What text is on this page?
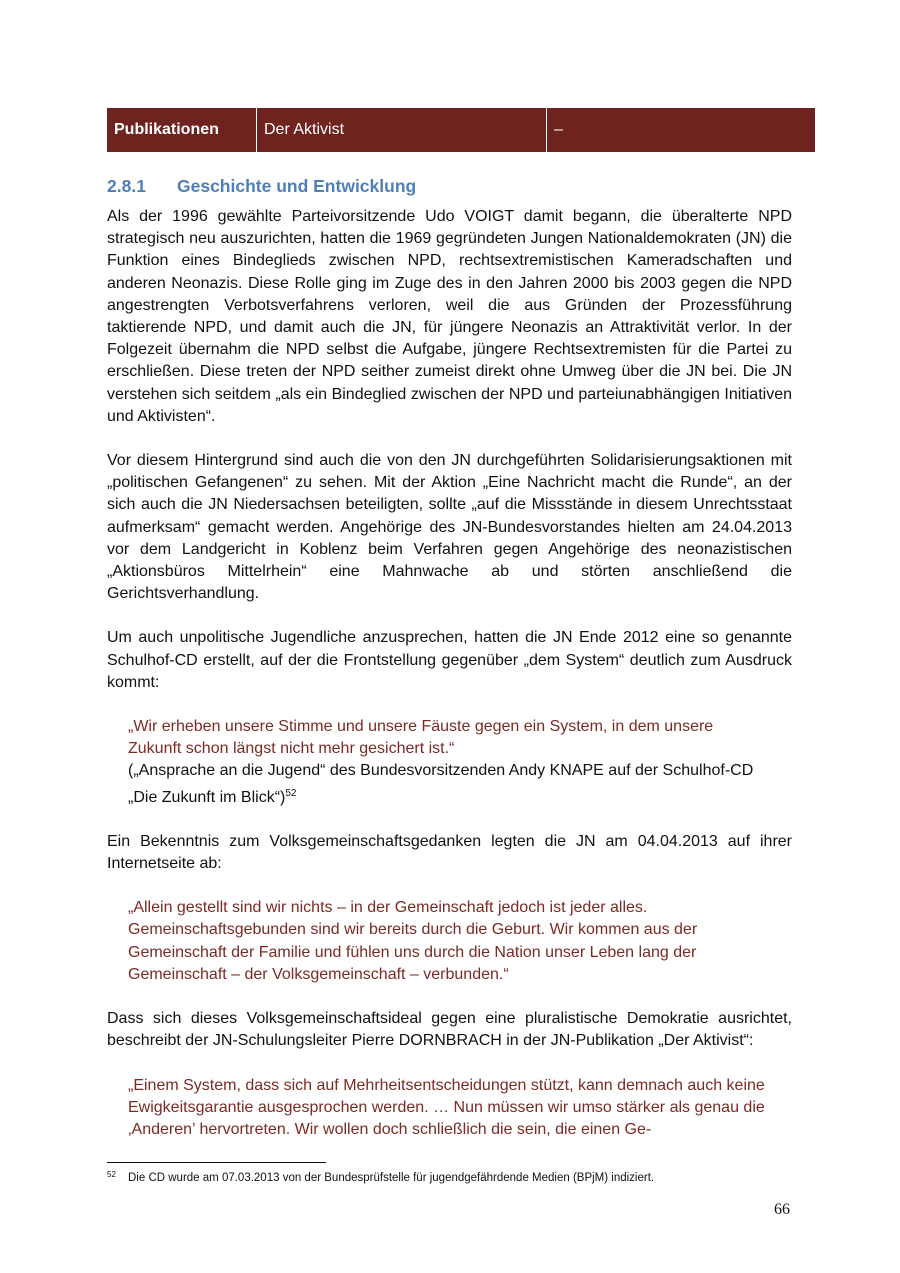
Publikationen	Der Aktivist	–
2.8.1 Geschichte und Entwicklung

Als der 1996 gewählte Parteivorsitzende Udo VOIGT damit begann, die überalterte NPD strategisch neu auszurichten, hatten die 1969 gegründeten Jungen Nationaldemokraten (JN) die Funktion eines Bindeglieds zwischen NPD, rechtsextremistischen Kameradschaften und anderen Neonazis. Diese Rolle ging im Zuge des in den Jahren 2000 bis 2003 gegen die NPD angestrengten Verbotsverfahrens verloren, weil die aus Gründen der Prozessführung taktierende NPD, und damit auch die JN, für jüngere Neonazis an Attraktivität verlor. In der Folgezeit übernahm die NPD selbst die Aufgabe, jüngere Rechtsextremisten für die Partei zu erschließen. Diese treten der NPD seither zumeist direkt ohne Umweg über die JN bei. Die JN verstehen sich seitdem „als ein Bindeglied zwischen der NPD und parteiunabhängigen Initiativen und Aktivisten“.

Vor diesem Hintergrund sind auch die von den JN durchgeführten Solidarisierungsaktionen mit „politischen Gefangenen“ zu sehen. Mit der Aktion „Eine Nachricht macht die Runde“, an der sich auch die JN Niedersachsen beteiligten, sollte „auf die Missstände in diesem Unrechtsstaat aufmerksam“ gemacht werden. Angehörige des JN-Bundesvorstandes hielten am 24.04.2013 vor dem Landgericht in Koblenz beim Verfahren gegen Angehörige des neonazistischen „Aktionsbüros Mittelrhein“ eine Mahnwache ab und störten anschließend die Gerichtsverhandlung.

Um auch unpolitische Jugendliche anzusprechen, hatten die JN Ende 2012 eine so genannte Schulhof-CD erstellt, auf der die Frontstellung gegenüber „dem System“ deutlich zum Ausdruck kommt:

„Wir erheben unsere Stimme und unsere Fäuste gegen ein System, in dem unsere Zukunft schon längst nicht mehr gesichert ist.“

(„Ansprache an die Jugend“ des Bundesvorsitzenden Andy KNAPE auf der Schulhof-CD „Die Zukunft im Blick“)$^{52}$

Ein Bekenntnis zum Volksgemeinschaftsgedanken legten die JN am 04.04.2013 auf ihrer Internetseite ab:

„Allein gestellt sind wir nichts – in der Gemeinschaft jedoch ist jeder alles. Gemeinschaftsgebunden sind wir bereits durch die Geburt. Wir kommen aus der Gemeinschaft der Familie und fühlen uns durch die Nation unser Leben lang der Gemeinschaft – der Volksgemeinschaft – verbunden.“

Dass sich dieses Volksgemeinschaftsideal gegen eine pluralistische Demokratie ausrichtet, beschreibt der JN-Schulungsleiter Pierre DORNBRACH in der JN-Publikation „Der Aktivist“:

„Einem System, dass sich auf Mehrheitsentscheidungen stützt, kann demnach auch keine Ewigkeitsgarantie ausgesprochen werden. … Nun müssen wir umso stärker als genau die ‚Anderen’ hervortreten. Wir wollen doch schließlich die sein, die einen Ge-

52 Die CD wurde am 07.03.2013 von der Bundesprüfstelle für jugendgefährdende Medien (BPjM) indiziert.
66
